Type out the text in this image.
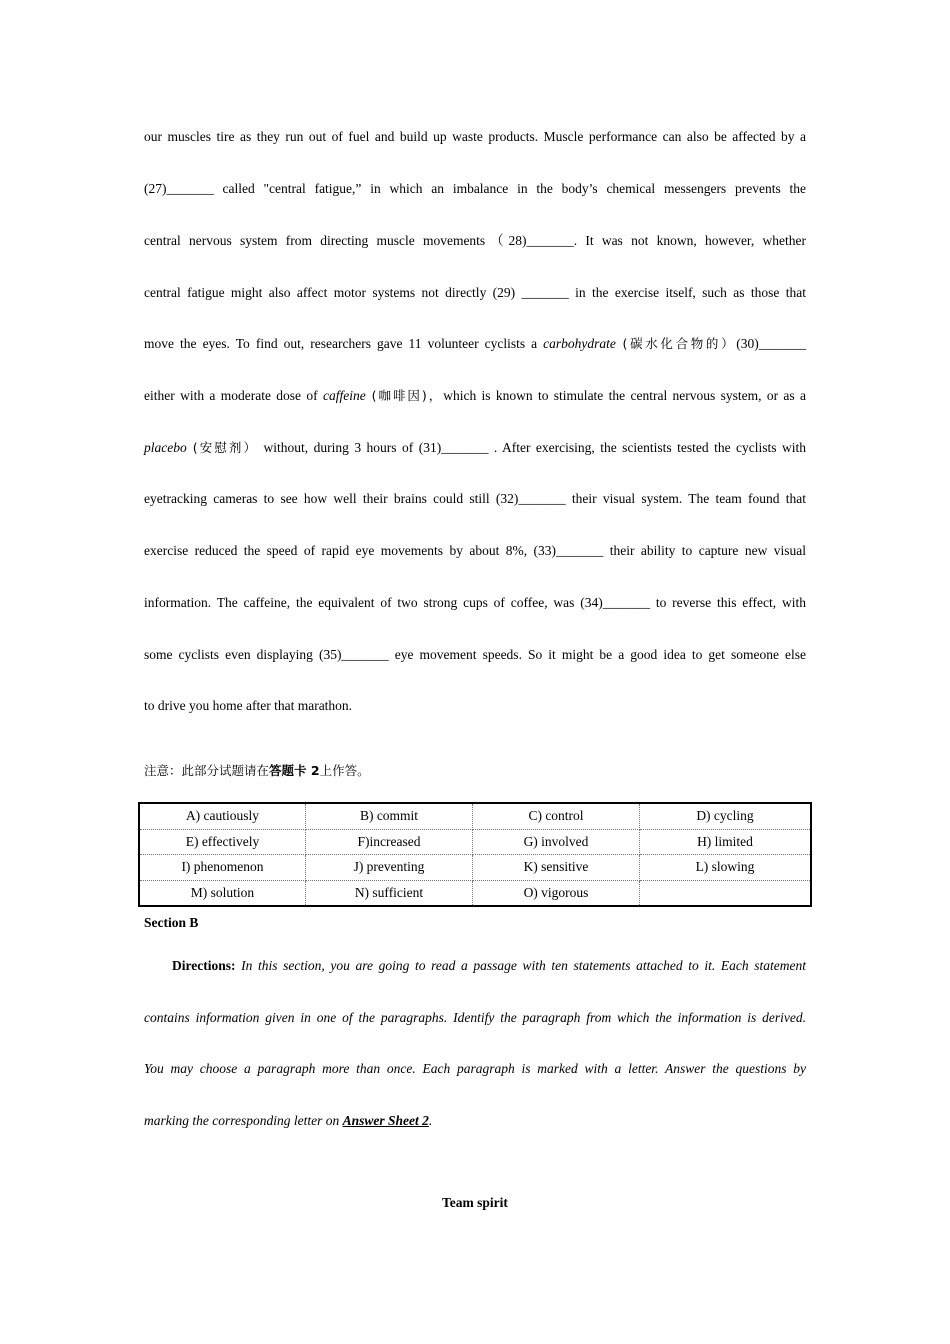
our muscles tire as they run out of fuel and build up waste products. Muscle performance can also be affected by a
(27)_______ called "central fatigue,” in which an imbalance in the body’s chemical messengers prevents the
central nervous system from directing muscle movements（28)_______. It was not known, however, whether
central fatigue might also affect motor systems not directly (29) _______ in the exercise itself, such as those that
move the eyes. To find out, researchers gave 11 volunteer cyclists a carbohydrate (碳水化合物的）(30)_______
either with a moderate dose of caffeine (咖啡因)，which is known to stimulate the central nervous system, or as a
placebo (安慰剂） without, during 3 hours of (31)_______ . After exercising, the scientists tested the cyclists with
eyetracking cameras to see how well their brains could still (32)_______ their visual system. The team found that
exercise reduced the speed of rapid eye movements by about 8%, (33)_______ their ability to capture new visual
information. The caffeine, the equivalent of two strong cups of coffee, was (34)_______ to reverse this effect, with
some cyclists even displaying (35)_______ eye movement speeds. So it might be a good idea to get someone else
to drive you home after that marathon.
注意：此部分试题请在答题卡 2上作答。
A) cautiously	B) commit	C) control	D) cycling
E) effectively	F)increased	G) involved	H) limited
I) phenomenon	J) preventing	K) sensitive	L) slowing
M) solution	N) sufficient	O) vigorous	
Section B
Directions: In this section, you are going to read a passage with ten statements attached to it. Each statement
contains information given in one of the paragraphs. Identify the paragraph from which the information is derived.
You may choose a paragraph more than once. Each paragraph is marked with a letter. Answer the questions by
marking the corresponding letter on Answer Sheet 2.
Team spirit
